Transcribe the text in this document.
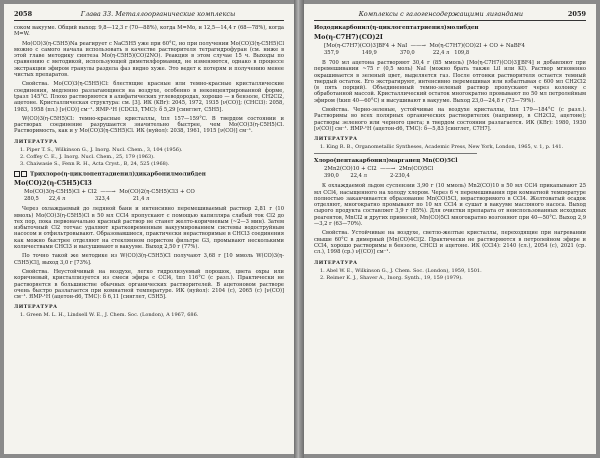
2058	Глава 33. Металлоорганические комплексы

соком вакууме. Общий выход: 9,8—12,3 г (70—88%), когда M=Mo, и 12,5—14,4 г (68—78%), когда M=W.

Mo(CO)3(η-C5H5)Na реагирует с NaC5H5 уже при 60°C, но при получении Mo(CO)3(η-C5H5)Cl можно с самого начала использовать в качестве растворителя тетрагидрофуран (см. ниже в этой главе методику синтеза Mo(η-C5H5)(CO)2NO). Реакция в этом случае 15 ч. Выходы по сравнению с методикой, использующей диметилформамид, не изменяются, однако в процессе экстракции эфиром гранулы раздела фаз видно хуже. Это ведет к потерям и получению менее чистых препаратов.

Свойства. Mo(CO)3(η-C5H5)Cl: блестящие красные или темно-красные кристаллические соединения, медленно разлагающиеся на воздухе, особенно в неконцентрированной форме, tразл 145°C. Плохо растворяются в алифатических углеводородах, хорошо — в бензоле, CH2Cl2, ацетоне. Кристаллическая структура: см. [3]. ИК (KBr): 2045, 1972, 1935 [ν(CO)]; (CHCl3): 2058, 1983, 1958 (пл.) [ν(CO)] см⁻¹. ЯМР-¹H (CDCl3, ТМС): δ 5,29 [синглет, C5H5].

W(CO)3(η-C5H5)Cl: темно-красные кристаллы, tпл 157—159°C. В твердом состоянии и растворах соединение разрушается значительно быстрее, чем Mo(CO)3(η-C5H5)Cl. Растворимость, как и у Mo(CO)3(η-C5H5)Cl. ИК (нуйол): 2038, 1961, 1915 [ν(CO)] см⁻¹.

ЛИТЕРАТУРА
1. Piper T. S., Wilkinson G., J. Inorg. Nucl. Chem., 3, 104 (1956).
2. Coffey C. E., J. Inorg. Nucl. Chem., 25, 179 (1963).
3. Chaiwasie S., Fenn R. H., Acta Cryst., B, 24, 525 (1968).
Трихлоро(η-циклопентадиенил)дикарбонилмолибден
Mo(CO)2(η-C5H5)Cl3
Mo(CO)3(η-C5H5)Cl + Cl2  ——→  Mo(CO)2(η-C5H5)Cl3 + CO
280,5      22,4 л                  323,4              21,4 л

Через охлаждаемый до ледяной бани и интенсивно перемешиваемый раствор 2,81 г (10 ммоль) Mo(CO)3(η-C5H5)Cl в 50 мл CCl4 пропускают с помощью капилляра слабый ток Cl2 до тех пор, пока первоначально красный раствор не станет желто-коричневым (~2—3 мин). Затем избыточный Cl2 тотчас удаляют кратковременным вакуумированием системы водоструйным насосом и отфильтровывают. Образовавшиеся, практически нерастворимые в CHCl3 соединения как можно быстрее отделяют на стеклянном пористом фильтре G3, промывают несколькими количествами CHCl3 и высушивают в вакууме. Выход 2,50 г (77%).

По точно такой же методике из W(CO)3(η-C5H5)Cl получают 3,68 г [10 ммоль W(CO)3(η-C5H5)Cl], выход 3,0 г [73%].

Свойства. Неустойчивый на воздухе, легко гидролизуемый порошок, цвета охры или коричневый, кристаллизуется из смеси эфира с CCl4, tпл 116°C (с разл.). Практически не растворяется в большинстве обычных органических растворителей. В ацетоновом растворе очень быстро разлагается при комнатной температуре. ИК (нуйол): 2104 (с), 2065 (с) [ν(CO)] см⁻¹. ЯМР-¹H (ацетон-d6, ТМС): δ 6,11 [синглет, C5H5].

ЛИТЕРАТУРА
1. Green M. L. H., Lindsell W. E., J. Chem. Soc. (London), A 1967, 686.
Комплексы с галогенсодержащими лигандами	2059
Иододикарбонил(η-циклогептатриенил)молибден
Mo(η-C7H7)(CO)2I
[Mo(η-C7H7)(CO)3]BF4 + NaI  ——→  Mo(η-C7H7)(CO)2I + CO + NaBF4
357,9              149,9              370,0           22,4 л   109,8

В 700 мл ацетона растворяют 30,4 г (85 ммоль) [Mo(η-C7H7)(CO)3][BF4] и добавляют при перемешивании ~75 г (0,5 моль) NaI (можно брать также LiI или KI). Раствор мгновенно окрашивается в зеленый цвет, выделяется газ. После отгонки растворителя остается темный твердый остаток. Его экстрагируют, интенсивно перемешивая или взбалтывая с 600 мл CH2Cl2 (в пять порций). Объединенный темно-зеленый раствор пропускают через колонку с обработанной массой. Кристаллический остаток многократно промывают по 50 мл петролейным эфиром (tкип 40—60°C) и высушивают в вакууме. Выход 23,0—24,8 г (73—79%).

Свойства. Черно-зеленые, устойчивые на воздухе кристаллы, tпл 179—184°C (с разл.). Растворимы во всех полярных органических растворителях (например, в CH2Cl2, ацетоне); растворы зеленого или черного цвета; в твердом состоянии разлагается. ИК (KBr): 1980, 1930 [ν(CO)] см⁻¹. ЯМР-¹H (ацетон-d6, ТМС): δ—5,83 [синглет, C7H7].

ЛИТЕРАТУРА
1. King R. B., Organometallic Syntheses, Academic Press, New York, London, 1965, v. 1, p. 141.
Хлоро(пентакарбонил)марганец Mn(CO)5Cl
2Mn2(CO)10 + Cl2  ——→  2Mn(CO)5Cl
390,0       22,4 л              2·230,4

К охлаждаемой льдом суспензии 3,90 г (10 ммоль) Mn2(CO)10 в 50 мл CCl4 прикапывают 25 мл CCl4, насыщенного на холоду хлором. Через 6 ч перемешивания при комнатной температуре полностью заканчивается образование Mn(CO)5Cl, нерастворимого в CCl4. Желтоватый осадок отделяют, многократно промывают по 10 мл CCl4 и сушат в вакууме масляного насоса. Выход сырого продукта составляет 3,9 г (85%). Для очистки препарата от неиспользованных исходных реагентов, MnCl2 и других примесей, Mn(CO)5Cl многократно возгоняют при 40—50°C. Выход 2,9—3,2 г (63—70%).

Свойства. Устойчивые на воздухе, светло-желтые кристаллы, переходящие при нагревании свыше 60°C в димерный [Mn(CO)4Cl]2. Практически не растворяются в петролейном эфире и CCl4, хорошо растворимы в бензоле, CHCl3 и ацетоне. ИК (CCl4): 2140 (сл.), 2054 (с), 2021 (ср. сл.), 1998 (ср.) ν[(CO)] см⁻¹.

ЛИТЕРАТУРА
1. Abel W. E., Wilkinson G., J. Chem. Soc. (London), 1959, 1501.
2. Reimer K. J., Shaver A., Inorg. Synth., 19, 159 (1979).
